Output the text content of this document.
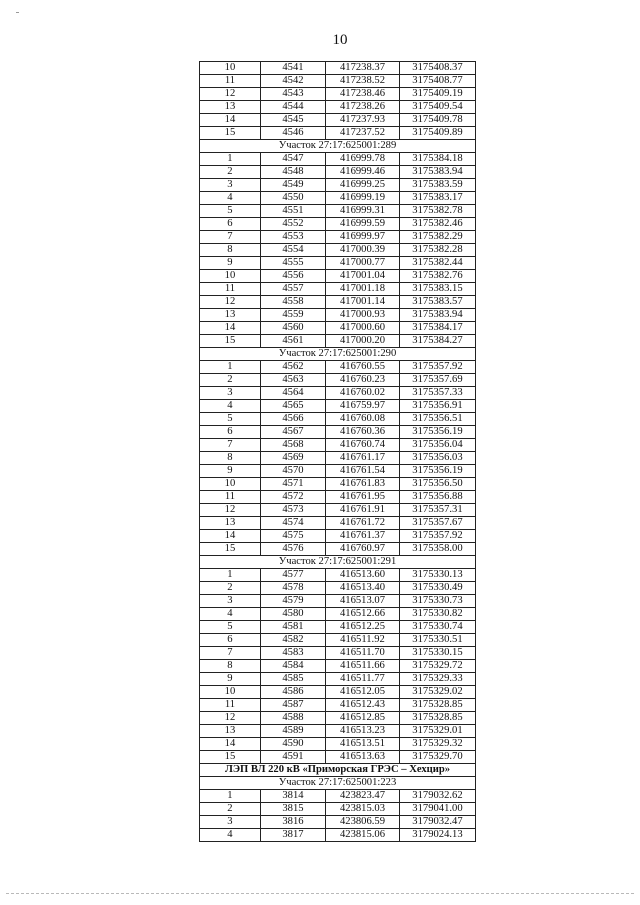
10
10	4541	417238.37	3175408.37
11	4542	417238.52	3175408.77
12	4543	417238.46	3175409.19
13	4544	417238.26	3175409.54
14	4545	417237.93	3175409.78
15	4546	417237.52	3175409.89
Участок 27:17:625001:289			
1	4547	416999.78	3175384.18
2	4548	416999.46	3175383.94
3	4549	416999.25	3175383.59
4	4550	416999.19	3175383.17
5	4551	416999.31	3175382.78
6	4552	416999.59	3175382.46
7	4553	416999.97	3175382.29
8	4554	417000.39	3175382.28
9	4555	417000.77	3175382.44
10	4556	417001.04	3175382.76
11	4557	417001.18	3175383.15
12	4558	417001.14	3175383.57
13	4559	417000.93	3175383.94
14	4560	417000.60	3175384.17
15	4561	417000.20	3175384.27
Участок 27:17:625001:290			
1	4562	416760.55	3175357.92
2	4563	416760.23	3175357.69
3	4564	416760.02	3175357.33
4	4565	416759.97	3175356.91
5	4566	416760.08	3175356.51
6	4567	416760.36	3175356.19
7	4568	416760.74	3175356.04
8	4569	416761.17	3175356.03
9	4570	416761.54	3175356.19
10	4571	416761.83	3175356.50
11	4572	416761.95	3175356.88
12	4573	416761.91	3175357.31
13	4574	416761.72	3175357.67
14	4575	416761.37	3175357.92
15	4576	416760.97	3175358.00
Участок 27:17:625001:291			
1	4577	416513.60	3175330.13
2	4578	416513.40	3175330.49
3	4579	416513.07	3175330.73
4	4580	416512.66	3175330.82
5	4581	416512.25	3175330.74
6	4582	416511.92	3175330.51
7	4583	416511.70	3175330.15
8	4584	416511.66	3175329.72
9	4585	416511.77	3175329.33
10	4586	416512.05	3175329.02
11	4587	416512.43	3175328.85
12	4588	416512.85	3175328.85
13	4589	416513.23	3175329.01
14	4590	416513.51	3175329.32
15	4591	416513.63	3175329.70
ЛЭП ВЛ 220 кВ «Приморская ГРЭС – Хехцир»			
Участок 27:17:625001:223			
1	3814	423823.47	3179032.62
2	3815	423815.03	3179041.00
3	3816	423806.59	3179032.47
4	3817	423815.06	3179024.13
